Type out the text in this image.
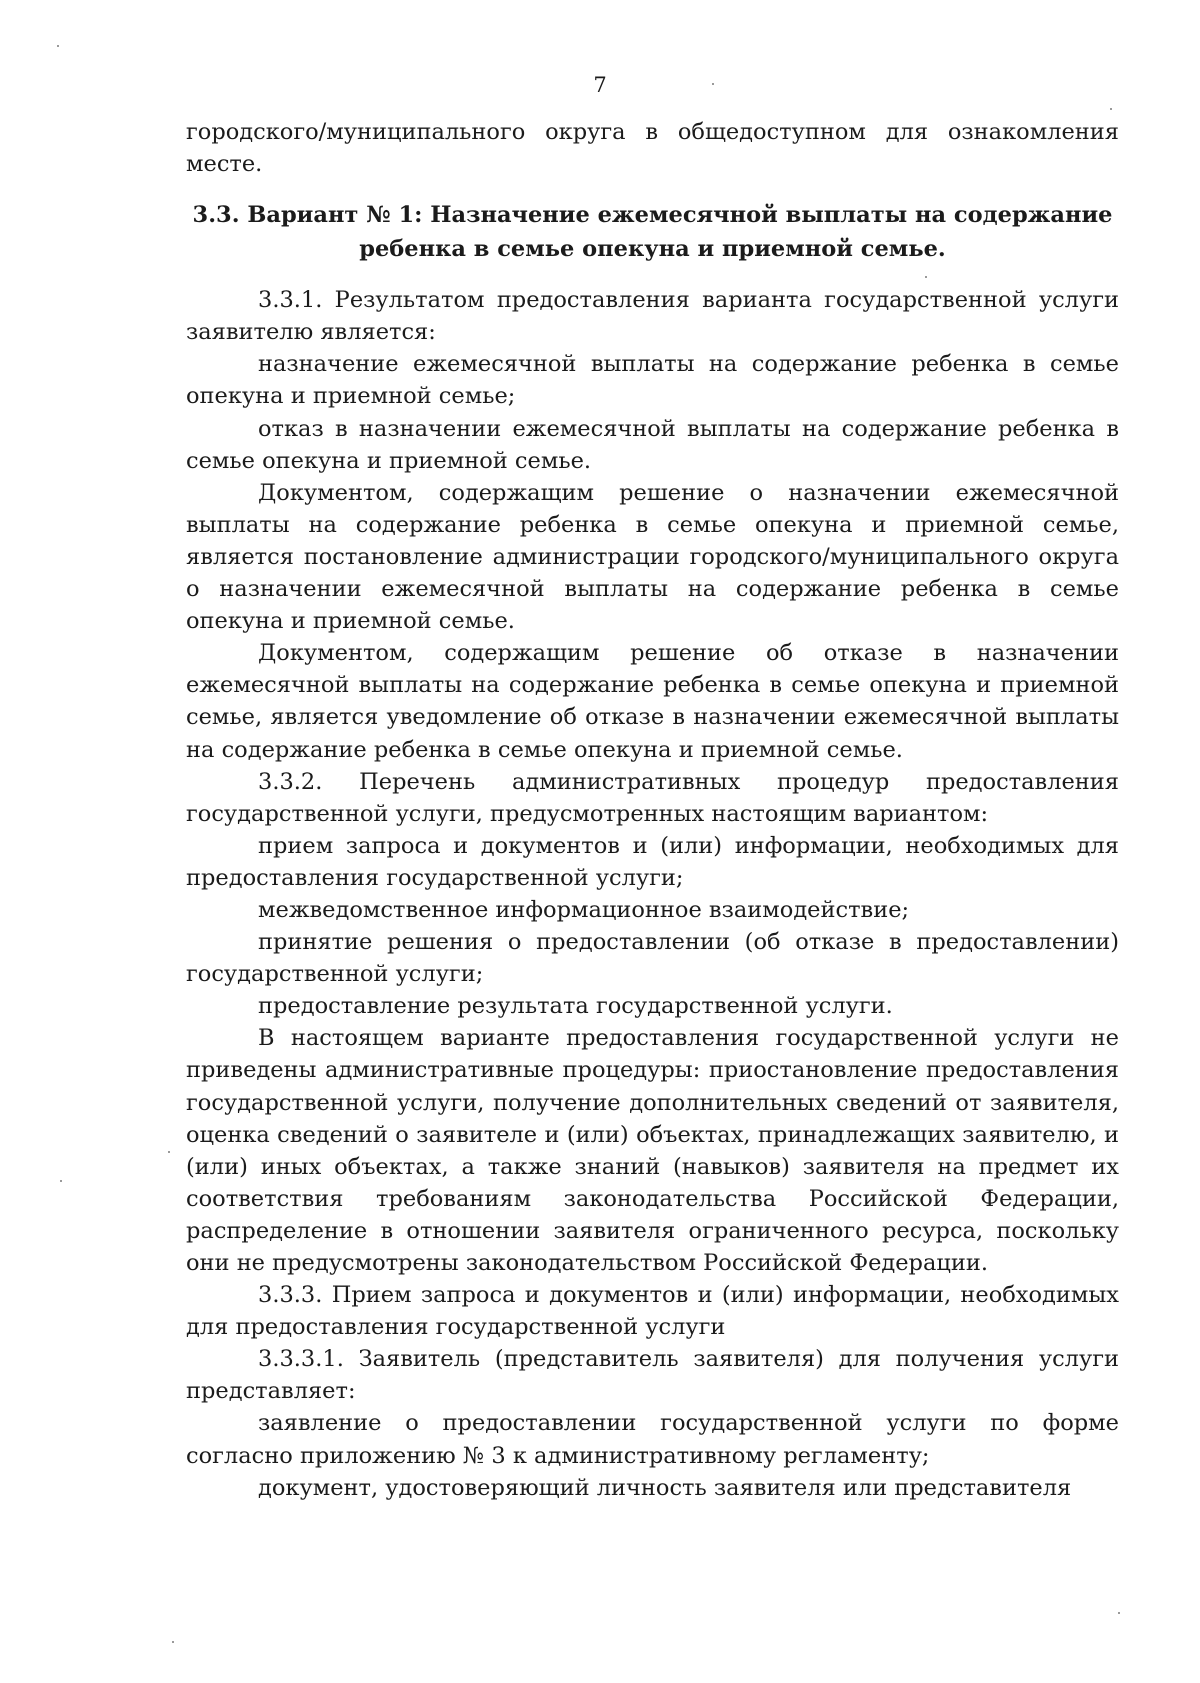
7

городского/муниципального округа в общедоступном для ознакомления месте.

3.3. Вариант № 1: Назначение ежемесячной выплаты на содержание
ребенка в семье опекуна и приемной семье.

3.3.1. Результатом предоставления варианта государственной услуги заявителю является:

назначение ежемесячной выплаты на содержание ребенка в семье опекуна и приемной семье;

отказ в назначении ежемесячной выплаты на содержание ребенка в семье опекуна и приемной семье.

Документом, содержащим решение о назначении ежемесячной выплаты на содержание ребенка в семье опекуна и приемной семье, является постановление администрации городского/муниципального округа о назначении ежемесячной выплаты на содержание ребенка в семье опекуна и приемной семье.

Документом, содержащим решение об отказе в назначении ежемесячной выплаты на содержание ребенка в семье опекуна и приемной семье, является уведомление об отказе в назначении ежемесячной выплаты на содержание ребенка в семье опекуна и приемной семье.

3.3.2. Перечень административных процедур предоставления государственной услуги, предусмотренных настоящим вариантом:

прием запроса и документов и (или) информации, необходимых для предоставления государственной услуги;

межведомственное информационное взаимодействие;

принятие решения о предоставлении (об отказе в предоставлении) государственной услуги;

предоставление результата государственной услуги.

В настоящем варианте предоставления государственной услуги не приведены административные процедуры: приостановление предоставления государственной услуги, получение дополнительных сведений от заявителя, оценка сведений о заявителе и (или) объектах, принадлежащих заявителю, и (или) иных объектах, а также знаний (навыков) заявителя на предмет их соответствия требованиям законодательства Российской Федерации, распределение в отношении заявителя ограниченного ресурса, поскольку они не предусмотрены законодательством Российской Федерации.

3.3.3. Прием запроса и документов и (или) информации, необходимых для предоставления государственной услуги

3.3.3.1. Заявитель (представитель заявителя) для получения услуги представляет:

заявление о предоставлении государственной услуги по форме согласно приложению № 3 к административному регламенту;

документ, удостоверяющий личность заявителя или представителя
